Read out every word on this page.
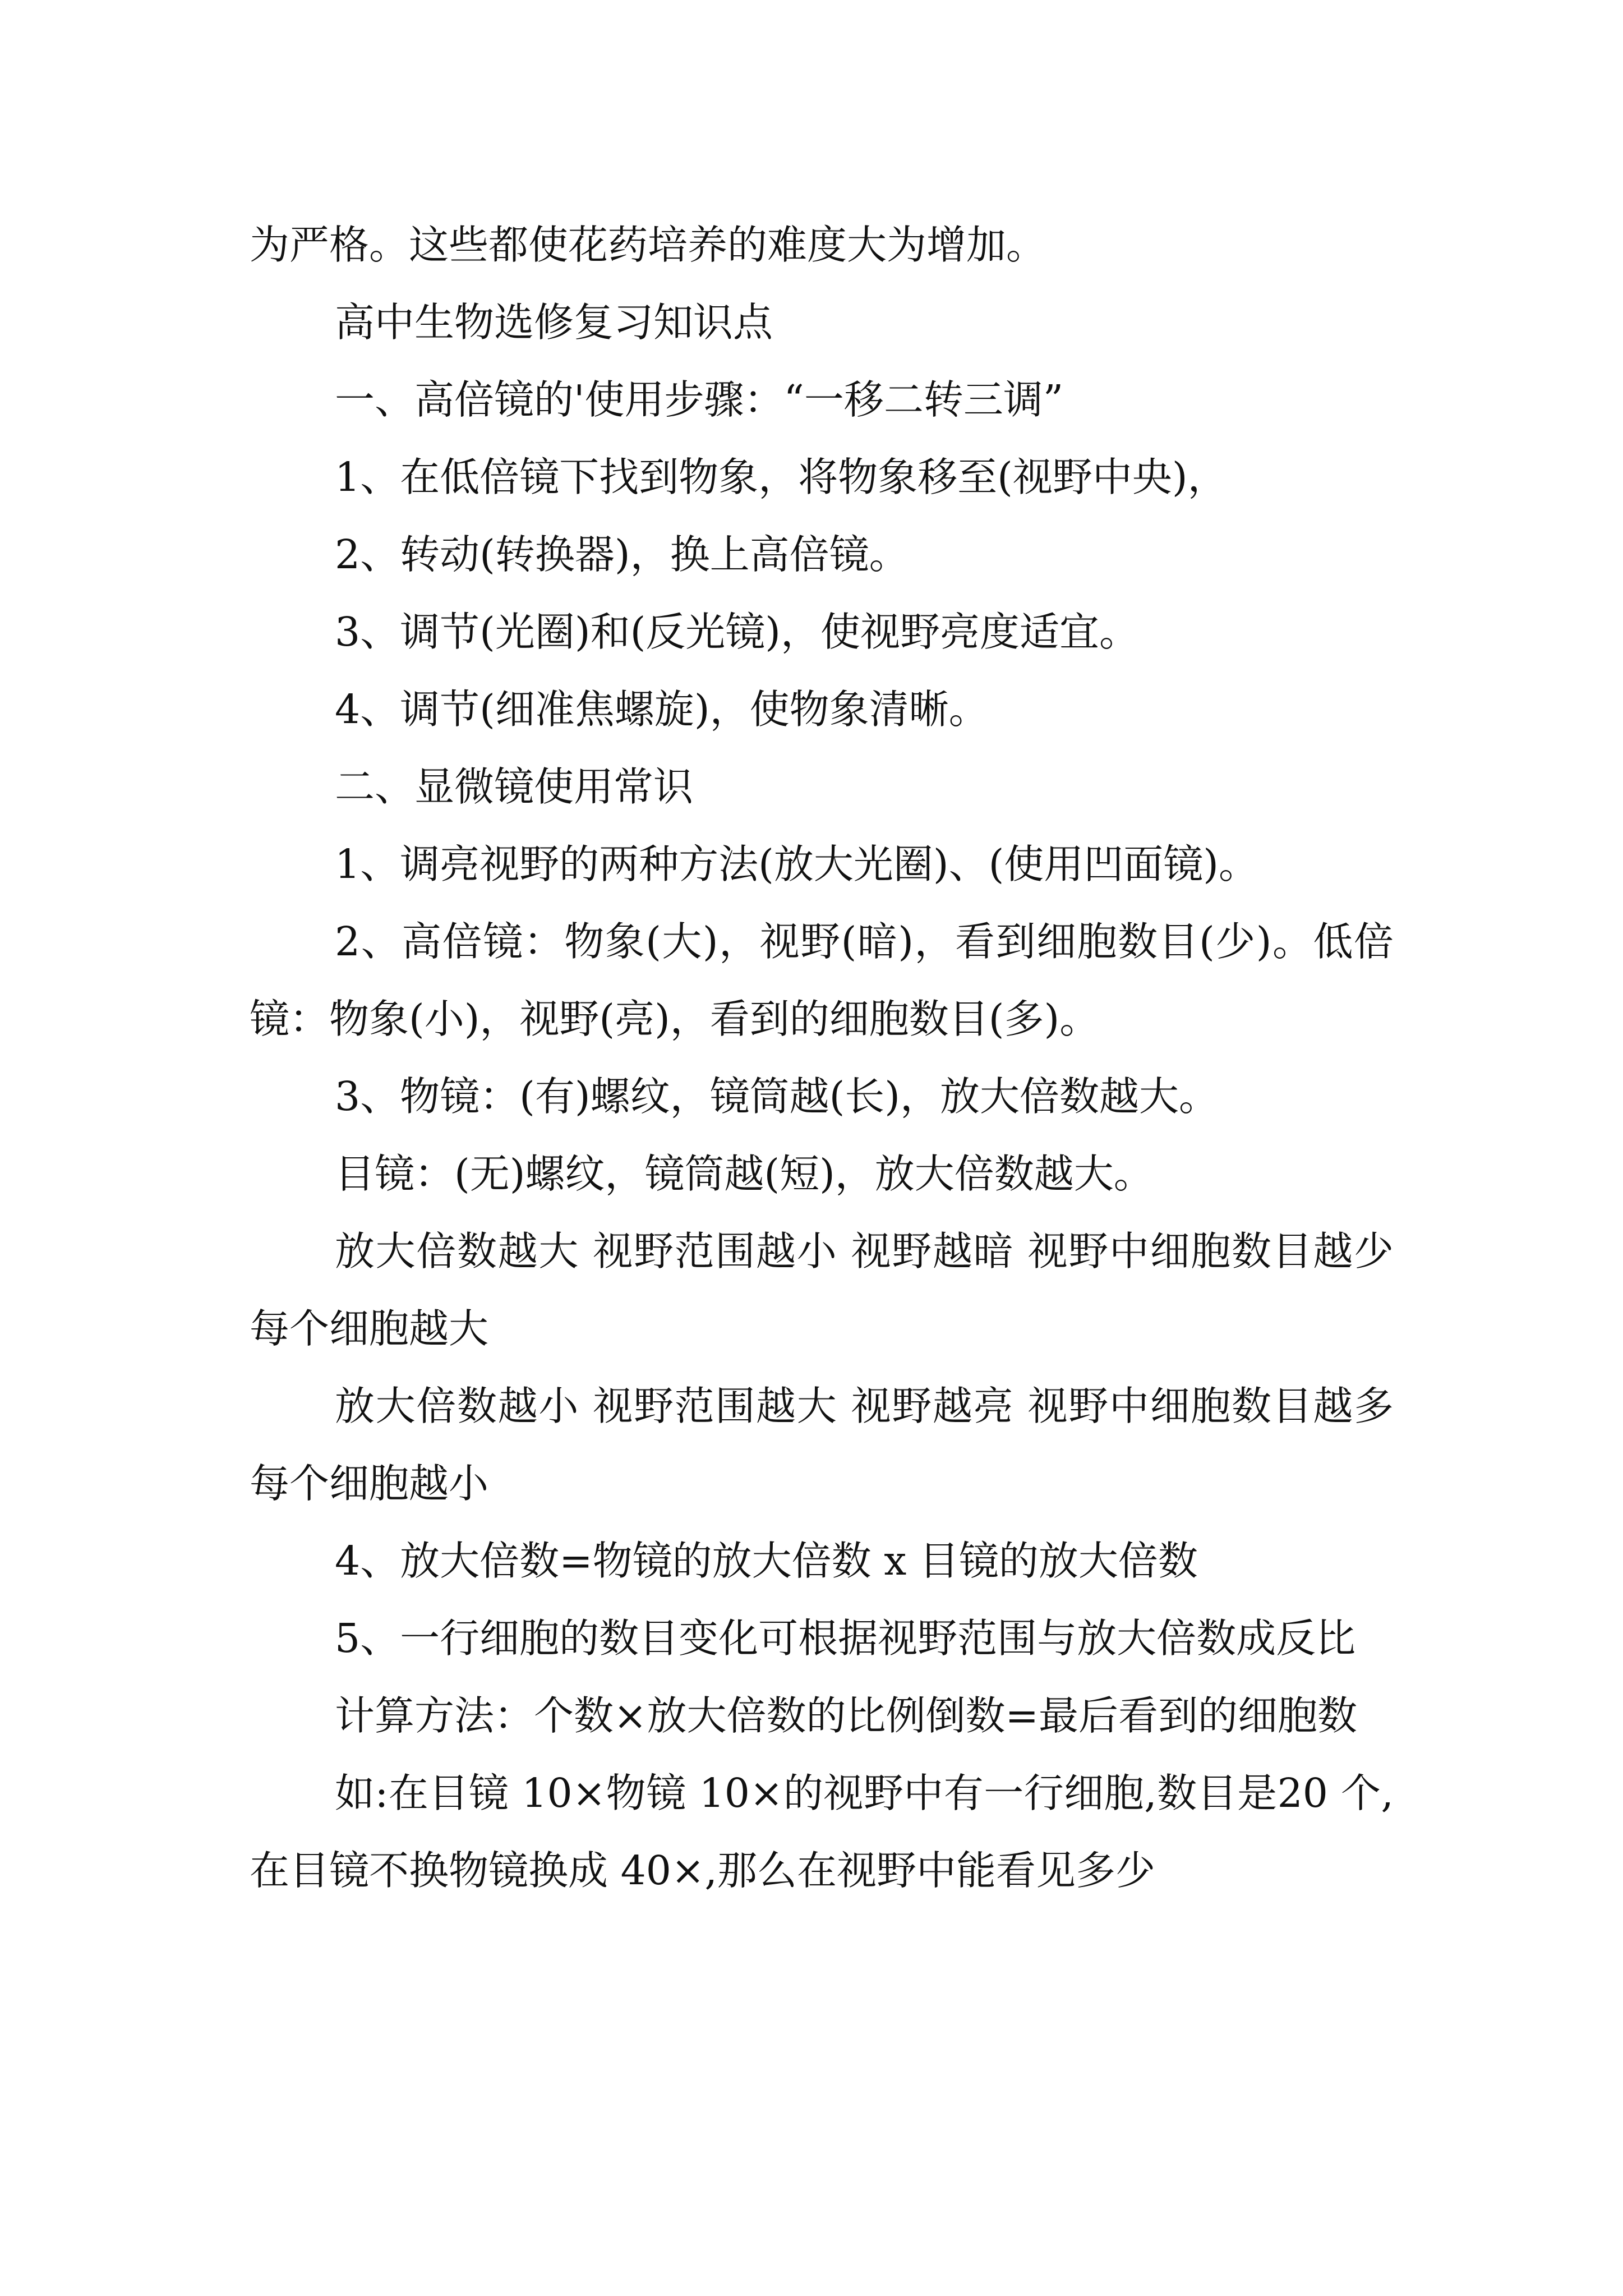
为严格。这些都使花药培养的难度大为增加。

高中生物选修复习知识点

一、高倍镜的'使用步骤：“一移二转三调”

1、在低倍镜下找到物象，将物象移至(视野中央)，

2、转动(转换器)，换上高倍镜。

3、调节(光圈)和(反光镜)，使视野亮度适宜。

4、调节(细准焦螺旋)，使物象清晰。

二、显微镜使用常识

1、调亮视野的两种方法(放大光圈)、(使用凹面镜)。

2、高倍镜：物象(大)，视野(暗)，看到细胞数目(少)。低倍镜：物象(小)，视野(亮)，看到的细胞数目(多)。

3、物镜：(有)螺纹，镜筒越(长)，放大倍数越大。

目镜：(无)螺纹，镜筒越(短)，放大倍数越大。

放大倍数越大 视野范围越小 视野越暗 视野中细胞数目越少 每个细胞越大

放大倍数越小 视野范围越大 视野越亮 视野中细胞数目越多 每个细胞越小

4、放大倍数=物镜的放大倍数 x 目镜的放大倍数

5、一行细胞的数目变化可根据视野范围与放大倍数成反比

计算方法：个数×放大倍数的比例倒数=最后看到的细胞数

如:在目镜 10×物镜 10×的视野中有一行细胞,数目是20 个,在目镜不换物镜换成 40×,那么在视野中能看见多少
